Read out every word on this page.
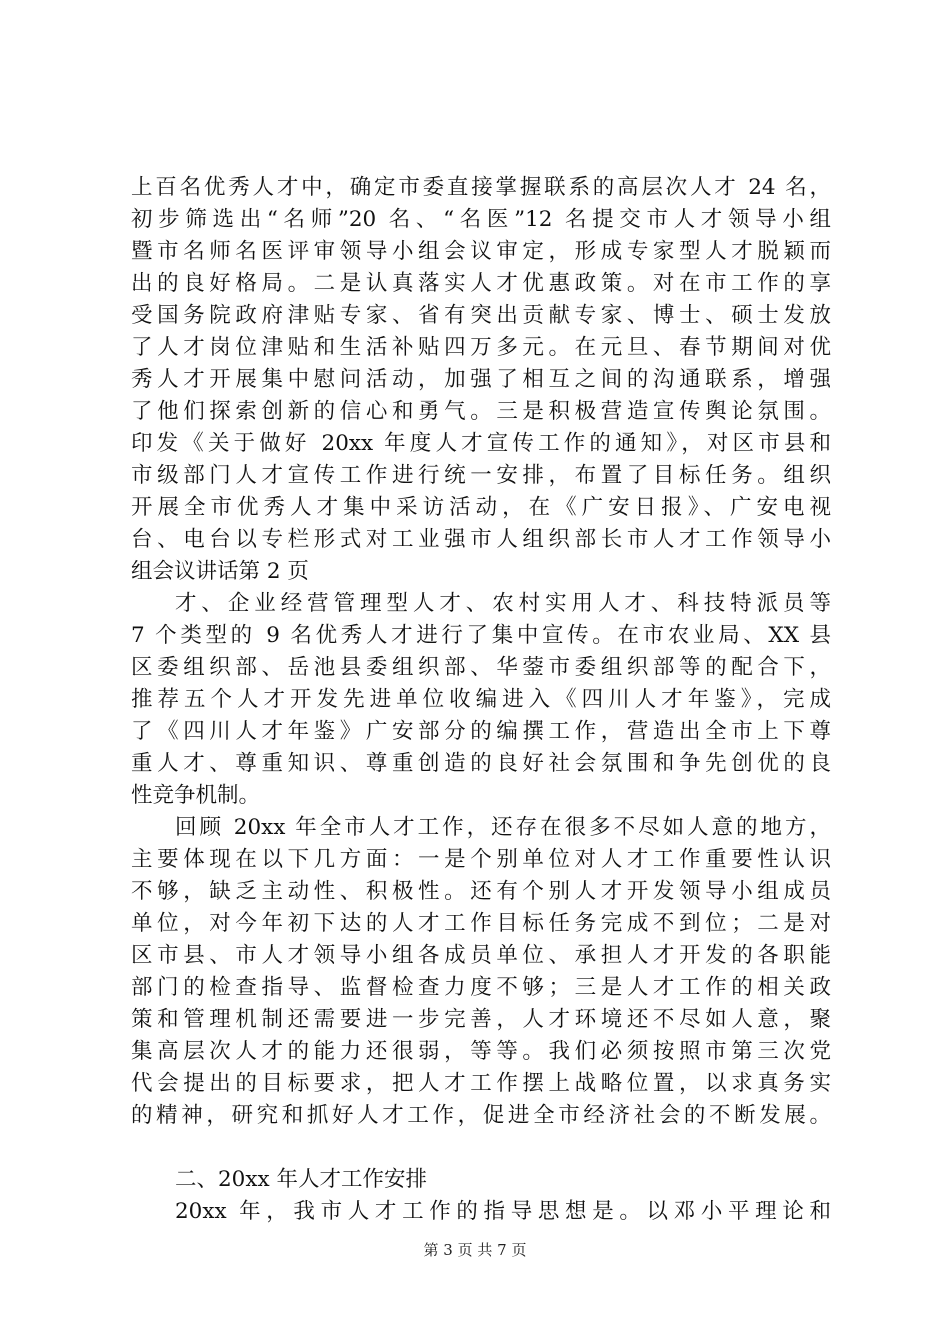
上百名优秀人才中，确定市委直接掌握联系的高层次人才 24 名，
初步筛选出“名师”20 名、“名医”12 名提交市人才领导小组
暨市名师名医评审领导小组会议审定，形成专家型人才脱颖而
出的良好格局。二是认真落实人才优惠政策。对在市工作的享
受国务院政府津贴专家、省有突出贡献专家、博士、硕士发放
了人才岗位津贴和生活补贴四万多元。在元旦、春节期间对优
秀人才开展集中慰问活动，加强了相互之间的沟通联系，增强
了他们探索创新的信心和勇气。三是积极营造宣传舆论氛围。
印发《关于做好 20xx 年度人才宣传工作的通知》，对区市县和
市级部门人才宣传工作进行统一安排，布置了目标任务。组织
开展全市优秀人才集中采访活动，在《广安日报》、广安电视
台、电台以专栏形式对工业强市人组织部长市人才工作领导小
组会议讲话第 2 页
才、企业经营管理型人才、农村实用人才、科技特派员等
7 个类型的 9 名优秀人才进行了集中宣传。在市农业局、XX 县
区委组织部、岳池县委组织部、华蓥市委组织部等的配合下，
推荐五个人才开发先进单位收编进入《四川人才年鉴》，完成
了《四川人才年鉴》广安部分的编撰工作，营造出全市上下尊
重人才、尊重知识、尊重创造的良好社会氛围和争先创优的良
性竞争机制。
回顾 20xx 年全市人才工作，还存在很多不尽如人意的地方，
主要体现在以下几方面：一是个别单位对人才工作重要性认识
不够，缺乏主动性、积极性。还有个别人才开发领导小组成员
单位，对今年初下达的人才工作目标任务完成不到位；二是对
区市县、市人才领导小组各成员单位、承担人才开发的各职能
部门的检查指导、监督检查力度不够；三是人才工作的相关政
策和管理机制还需要进一步完善，人才环境还不尽如人意，聚
集高层次人才的能力还很弱，等等。我们必须按照市第三次党
代会提出的目标要求，把人才工作摆上战略位置，以求真务实
的精神，研究和抓好人才工作，促进全市经济社会的不断发展。
二、20xx 年人才工作安排
20xx 年，我市人才工作的指导思想是。以邓小平理论和
第 3 页 共 7 页
